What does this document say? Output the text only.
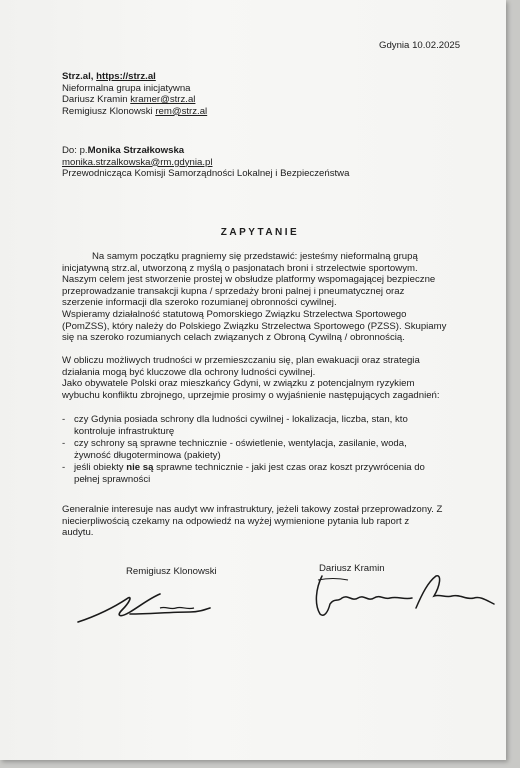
Gdynia 10.02.2025
Strz.al, https://strz.al
Nieformalna grupa inicjatywna
Dariusz Kramin kramer@strz.al
Remigiusz Klonowski rem@strz.al
Do: p.Monika Strzałkowska
monika.strzalkowska@rm.gdynia.pl
Przewodnicząca Komisji Samorządności Lokalnej i Bezpieczeństwa
ZAPYTANIE
Na samym początku pragniemy się przedstawić: jesteśmy nieformalną grupą
inicjatywną strz.al, utworzoną z myślą o pasjonatach broni i strzelectwie sportowym.
Naszym celem jest stworzenie prostej w obsłudze platformy wspomagającej bezpieczne
przeprowadzanie transakcji kupna / sprzedaży broni palnej i pneumatycznej oraz
szerzenie informacji dla szeroko rozumianej obronności cywilnej.
Wspieramy działalność statutową Pomorskiego Związku Strzelectwa Sportowego
(PomZSS), który należy do Polskiego Związku Strzelectwa Sportowego (PZSS). Skupiamy
się na szeroko rozumianych celach związanych z Obroną Cywilną / obronnością.
W obliczu możliwych trudności w przemieszczaniu się, plan ewakuacji oraz strategia
działania mogą być kluczowe dla ochrony ludności cywilnej.
Jako obywatele Polski oraz mieszkańcy Gdyni, w związku z potencjalnym ryzykiem
wybuchu konfliktu zbrojnego, uprzejmie prosimy o wyjaśnienie następujących zagadnień:
- czy Gdynia posiada schrony dla ludności cywilnej - lokalizacja, liczba, stan, kto
kontroluje infrastrukturę
- czy schrony są sprawne technicznie - oświetlenie, wentylacja, zasilanie, woda,
żywność długoterminowa (pakiety)
- jeśli obiekty nie są sprawne technicznie - jaki jest czas oraz koszt przywrócenia do
pełnej sprawności
Generalnie interesuje nas audyt ww infrastruktury, jeżeli takowy został przeprowadzony. Z
niecierpliwością czekamy na odpowiedź na wyżej wymienione pytania lub raport z
audytu.
Remigiusz Klonowski	Dariusz Kramin
